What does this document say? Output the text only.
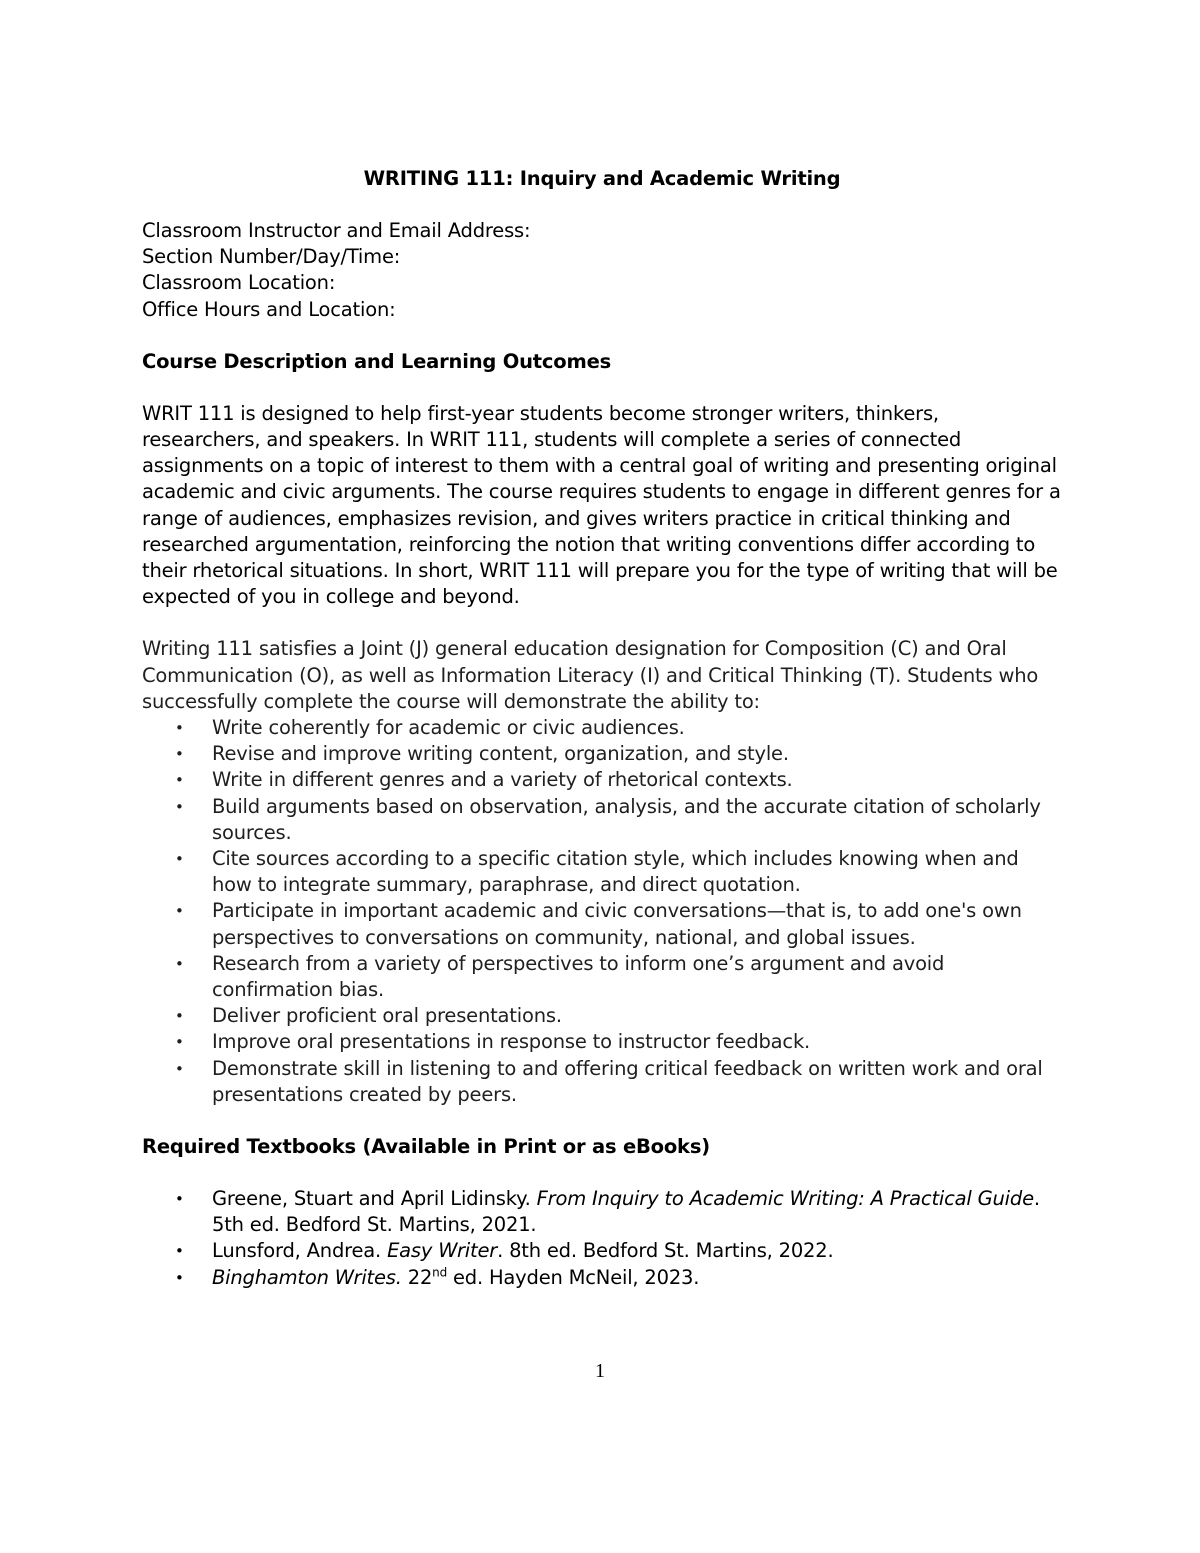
WRITING 111: Inquiry and Academic Writing
Classroom Instructor and Email Address:
Section Number/Day/Time:
Classroom Location:
Office Hours and Location:
Course Description and Learning Outcomes

WRIT 111 is designed to help first-year students become stronger writers, thinkers, researchers, and speakers. In WRIT 111, students will complete a series of connected assignments on a topic of interest to them with a central goal of writing and presenting original academic and civic arguments. The course requires students to engage in different genres for a range of audiences, emphasizes revision, and gives writers practice in critical thinking and researched argumentation, reinforcing the notion that writing conventions differ according to their rhetorical situations. In short, WRIT 111 will prepare you for the type of writing that will be expected of you in college and beyond.

Writing 111 satisfies a Joint (J) general education designation for Composition (C) and Oral Communication (O), as well as Information Literacy (I) and Critical Thinking (T). Students who successfully complete the course will demonstrate the ability to:

• Write coherently for academic or civic audiences.
• Revise and improve writing content, organization, and style.
• Write in different genres and a variety of rhetorical contexts.
• Build arguments based on observation, analysis, and the accurate citation of scholarly sources.
• Cite sources according to a specific citation style, which includes knowing when and how to integrate summary, paraphrase, and direct quotation.
• Participate in important academic and civic conversations—that is, to add one's own perspectives to conversations on community, national, and global issues.
• Research from a variety of perspectives to inform one’s argument and avoid confirmation bias.
• Deliver proficient oral presentations.
• Improve oral presentations in response to instructor feedback.
• Demonstrate skill in listening to and offering critical feedback on written work and oral presentations created by peers.
Required Textbooks (Available in Print or as eBooks)
• Greene, Stuart and April Lidinsky. From Inquiry to Academic Writing: A Practical Guide. 5th ed. Bedford St. Martins, 2021.
• Lunsford, Andrea. Easy Writer. 8th ed. Bedford St. Martins, 2022.
• Binghamton Writes. 22nd ed. Hayden McNeil, 2023.
1
